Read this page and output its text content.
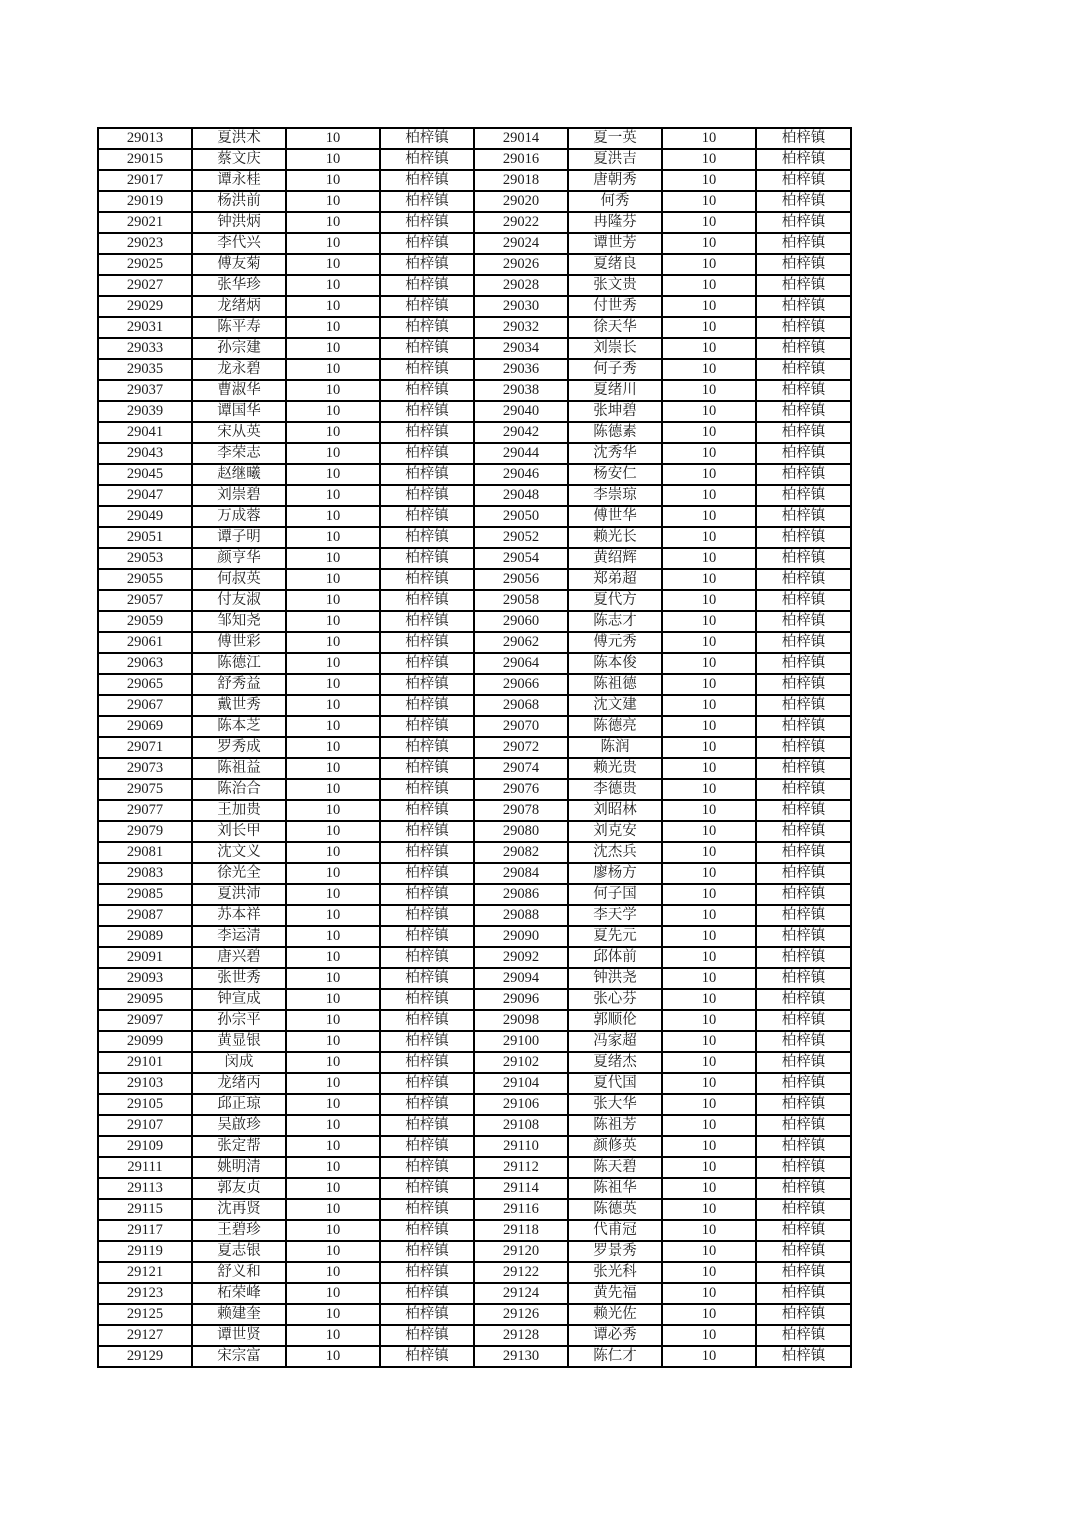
29013	夏洪术	10	柏梓镇	29014	夏一英	10	柏梓镇
29015	蔡文庆	10	柏梓镇	29016	夏洪吉	10	柏梓镇
29017	谭永桂	10	柏梓镇	29018	唐朝秀	10	柏梓镇
29019	杨洪前	10	柏梓镇	29020	何秀	10	柏梓镇
29021	钟洪炳	10	柏梓镇	29022	冉隆芬	10	柏梓镇
29023	李代兴	10	柏梓镇	29024	谭世芳	10	柏梓镇
29025	傅友菊	10	柏梓镇	29026	夏绪良	10	柏梓镇
29027	张华珍	10	柏梓镇	29028	张文贵	10	柏梓镇
29029	龙绪炳	10	柏梓镇	29030	付世秀	10	柏梓镇
29031	陈平寿	10	柏梓镇	29032	徐天华	10	柏梓镇
29033	孙宗建	10	柏梓镇	29034	刘崇长	10	柏梓镇
29035	龙永碧	10	柏梓镇	29036	何子秀	10	柏梓镇
29037	曹淑华	10	柏梓镇	29038	夏绪川	10	柏梓镇
29039	谭国华	10	柏梓镇	29040	张坤碧	10	柏梓镇
29041	宋从英	10	柏梓镇	29042	陈德素	10	柏梓镇
29043	李荣志	10	柏梓镇	29044	沈秀华	10	柏梓镇
29045	赵继曦	10	柏梓镇	29046	杨安仁	10	柏梓镇
29047	刘崇碧	10	柏梓镇	29048	李崇琼	10	柏梓镇
29049	万成蓉	10	柏梓镇	29050	傅世华	10	柏梓镇
29051	谭子明	10	柏梓镇	29052	赖光长	10	柏梓镇
29053	颜亨华	10	柏梓镇	29054	黄绍辉	10	柏梓镇
29055	何叔英	10	柏梓镇	29056	郑弟超	10	柏梓镇
29057	付友淑	10	柏梓镇	29058	夏代方	10	柏梓镇
29059	邹知尧	10	柏梓镇	29060	陈志才	10	柏梓镇
29061	傅世彩	10	柏梓镇	29062	傅元秀	10	柏梓镇
29063	陈德江	10	柏梓镇	29064	陈本俊	10	柏梓镇
29065	舒秀益	10	柏梓镇	29066	陈祖德	10	柏梓镇
29067	戴世秀	10	柏梓镇	29068	沈文建	10	柏梓镇
29069	陈本芝	10	柏梓镇	29070	陈德亮	10	柏梓镇
29071	罗秀成	10	柏梓镇	29072	陈润	10	柏梓镇
29073	陈祖益	10	柏梓镇	29074	赖光贵	10	柏梓镇
29075	陈治合	10	柏梓镇	29076	李德贵	10	柏梓镇
29077	王加贵	10	柏梓镇	29078	刘昭林	10	柏梓镇
29079	刘长甲	10	柏梓镇	29080	刘克安	10	柏梓镇
29081	沈文义	10	柏梓镇	29082	沈杰兵	10	柏梓镇
29083	徐光全	10	柏梓镇	29084	廖杨方	10	柏梓镇
29085	夏洪沛	10	柏梓镇	29086	何子国	10	柏梓镇
29087	苏本祥	10	柏梓镇	29088	李天学	10	柏梓镇
29089	李运清	10	柏梓镇	29090	夏先元	10	柏梓镇
29091	唐兴碧	10	柏梓镇	29092	邱体前	10	柏梓镇
29093	张世秀	10	柏梓镇	29094	钟洪尧	10	柏梓镇
29095	钟宣成	10	柏梓镇	29096	张心芬	10	柏梓镇
29097	孙宗平	10	柏梓镇	29098	郭顺伦	10	柏梓镇
29099	黄显银	10	柏梓镇	29100	冯家超	10	柏梓镇
29101	闵成	10	柏梓镇	29102	夏绪杰	10	柏梓镇
29103	龙绪丙	10	柏梓镇	29104	夏代国	10	柏梓镇
29105	邱正琼	10	柏梓镇	29106	张大华	10	柏梓镇
29107	吴啟珍	10	柏梓镇	29108	陈祖芳	10	柏梓镇
29109	张定帮	10	柏梓镇	29110	颜修英	10	柏梓镇
29111	姚明清	10	柏梓镇	29112	陈天碧	10	柏梓镇
29113	郭友贞	10	柏梓镇	29114	陈祖华	10	柏梓镇
29115	沈再贤	10	柏梓镇	29116	陈德英	10	柏梓镇
29117	王碧珍	10	柏梓镇	29118	代甫冠	10	柏梓镇
29119	夏志银	10	柏梓镇	29120	罗景秀	10	柏梓镇
29121	舒义和	10	柏梓镇	29122	张光科	10	柏梓镇
29123	柘荣峰	10	柏梓镇	29124	黄先福	10	柏梓镇
29125	赖建奎	10	柏梓镇	29126	赖光佐	10	柏梓镇
29127	谭世贤	10	柏梓镇	29128	谭必秀	10	柏梓镇
29129	宋宗富	10	柏梓镇	29130	陈仁才	10	柏梓镇
